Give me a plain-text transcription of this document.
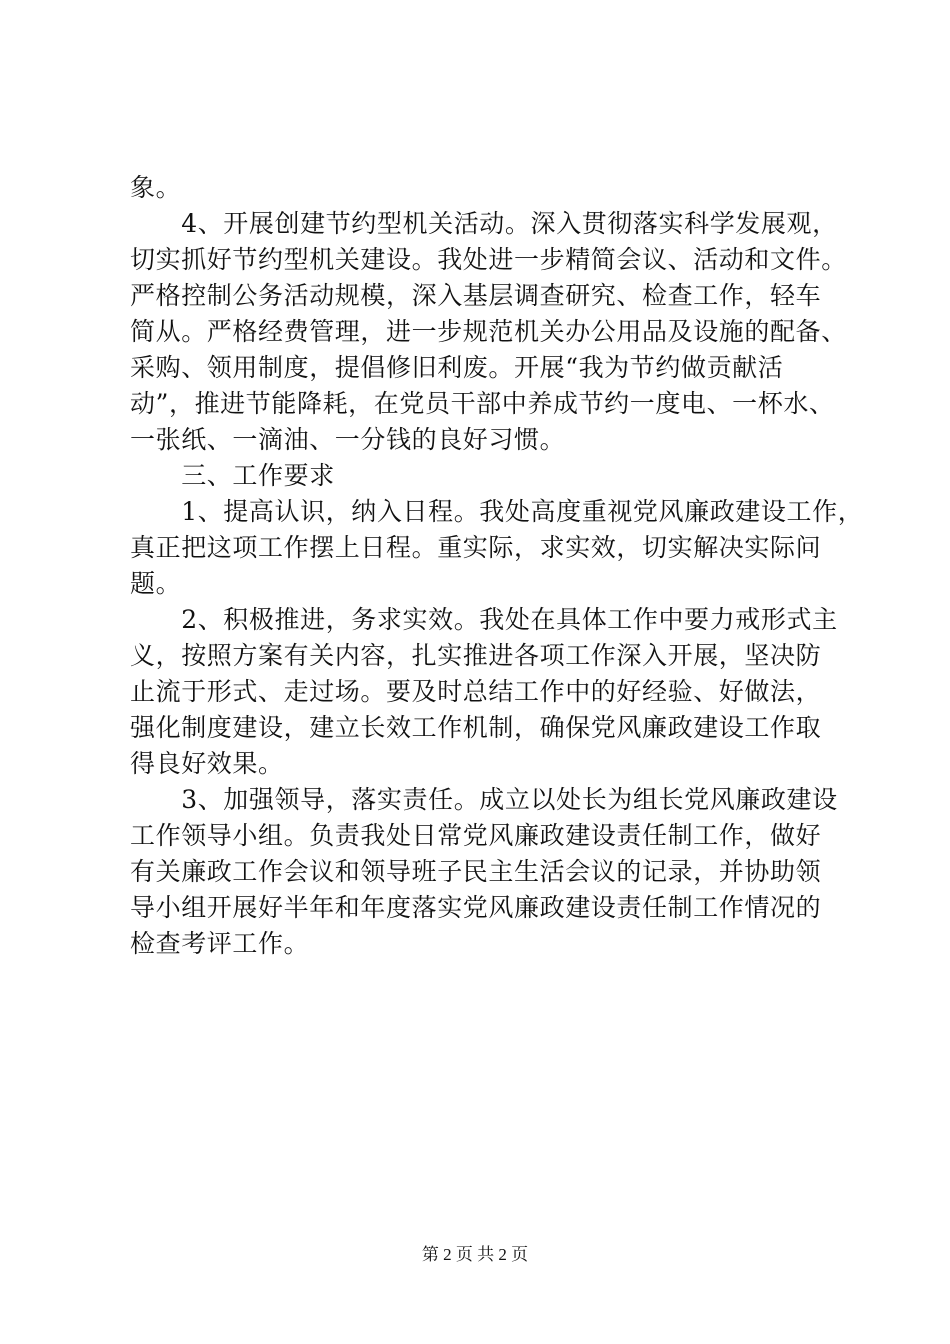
象。
　　4、开展创建节约型机关活动。深入贯彻落实科学发展观，
切实抓好节约型机关建设。我处进一步精简会议、活动和文件。
严格控制公务活动规模，深入基层调查研究、检查工作，轻车
简从。严格经费管理，进一步规范机关办公用品及设施的配备、
采购、领用制度，提倡修旧利废。开展“我为节约做贡献活
动”，推进节能降耗，在党员干部中养成节约一度电、一杯水、
一张纸、一滴油、一分钱的良好习惯。
　　三、工作要求
　　1、提高认识，纳入日程。我处高度重视党风廉政建设工作，
真正把这项工作摆上日程。重实际，求实效，切实解决实际问
题。
　　2、积极推进，务求实效。我处在具体工作中要力戒形式主
义，按照方案有关内容，扎实推进各项工作深入开展，坚决防
止流于形式、走过场。要及时总结工作中的好经验、好做法，
强化制度建设，建立长效工作机制，确保党风廉政建设工作取
得良好效果。
　　3、加强领导，落实责任。成立以处长为组长党风廉政建设
工作领导小组。负责我处日常党风廉政建设责任制工作，做好
有关廉政工作会议和领导班子民主生活会议的记录，并协助领
导小组开展好半年和年度落实党风廉政建设责任制工作情况的
检查考评工作。
第 2 页 共 2 页
